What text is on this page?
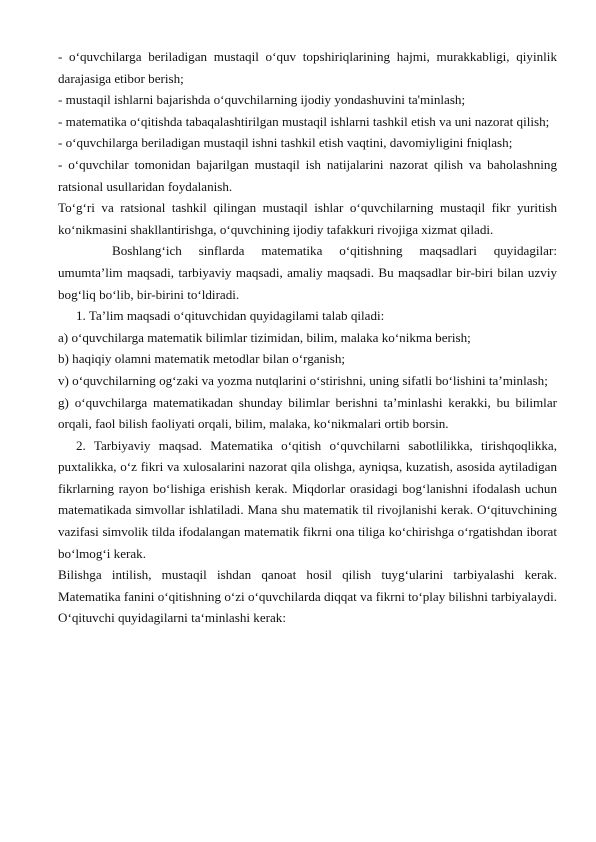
- o‘quvchilarga beriladigan mustaqil o‘quv topshiriqlarining hajmi, murakkabligi, qiyinlik darajasiga etibor berish;

- mustaqil ishlarni bajarishda o‘quvchilarning ijodiy yondashuvini ta'minlash;

- matematika o‘qitishda tabaqalashtirilgan mustaqil ishlarni tashkil etish va uni nazorat qilish;

- o‘quvchilarga beriladigan mustaqil ishni tashkil etish vaqtini, davomiyligini fniqlash;

- o‘quvchilar tomonidan bajarilgan mustaqil ish natijalarini nazorat qilish va baholashning ratsional usullaridan foydalanish.

To‘g‘ri va ratsional tashkil qilingan mustaqil ishlar o‘quvchilarning mustaqil fikr yuritish ko‘nikmasini shakllantirishga, o‘quvchining ijodiy tafakkuri rivojiga xizmat qiladi.

Boshlang‘ich sinflarda matematika o‘qitishning maqsadlari quyidagilar: umumta’lim maqsadi, tarbiyaviy maqsadi, amaliy maqsadi. Bu maqsadlar bir-biri bilan uzviy bog‘liq bo‘lib, bir-birini to‘ldiradi.

1. Ta’lim maqsadi o‘qituvchidan quyidagilami talab qiladi:

a) o‘quvchilarga matematik bilimlar tizimidan, bilim, malaka ko‘nikma berish;

b) haqiqiy olamni matematik metodlar bilan o‘rganish;

v) o‘quvchilarning og‘zaki va yozma nutqlarini o‘stirishni, uning sifatli bo‘lishini ta’minlash;

g) o‘quvchilarga matematikadan shunday bilimlar berishni ta’minlashi kerakki, bu bilimlar orqali, faol bilish faoliyati orqali, bilim, malaka, ko‘nikmalari ortib borsin.

2. Tarbiyaviy maqsad. Matematika o‘qitish o‘quvchilarni sabotlilikka, tirishqoqlikka, puxtalikka, o‘z fikri va xulosalarini nazorat qila olishga, ayniqsa, kuzatish, asosida aytiladigan fikrlarning rayon bo‘lishiga erishish kerak. Miqdorlar orasidagi bog‘lanishni ifodalash uchun matematikada simvollar ishlatiladi. Mana shu matematik til rivojlanishi kerak. O‘qituvchining vazifasi simvolik tilda ifodalangan matematik fikrni ona tiliga ko‘chirishga o‘rgatishdan iborat bo‘lmog‘i kerak.

Bilishga intilish, mustaqil ishdan qanoat hosil qilish tuyg‘ularini tarbiyalashi kerak. Matematika fanini o‘qitishning o‘zi o‘quvchilarda diqqat va fikrni to‘play bilishni tarbiyalaydi. O‘qituvchi quyidagilarni ta‘minlashi kerak:
